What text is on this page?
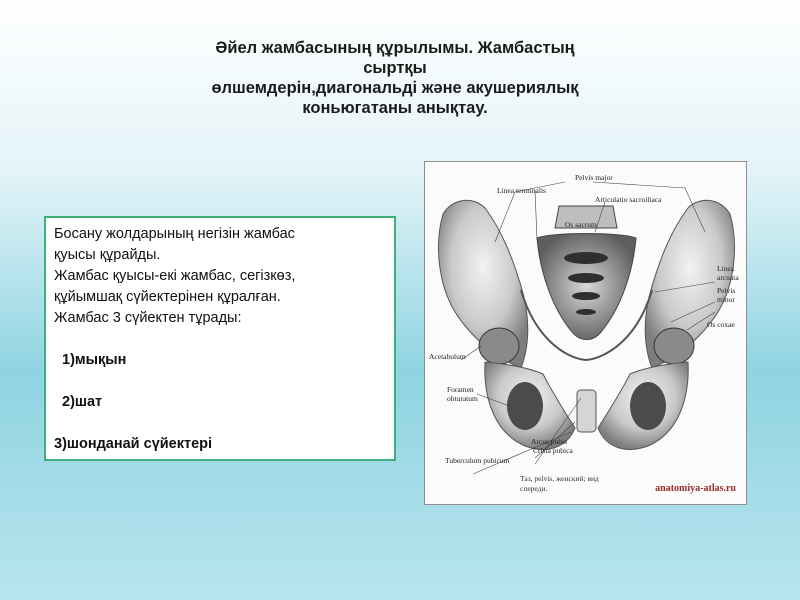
Әйел жамбасының құрылымы. Жамбастың
сыртқы
өлшемдерін,диагональді және акушериялық
коньюгатаны анықтау.
Босану жолдарының негізін жамбас
қуысы құрайды.
Жамбас қуысы-екі жамбас, сегізкөз,
құйымшақ сүйектерінен құралған.
Жамбас 3 сүйектен тұрады:
1)мықын
2)шат
3)шонданай сүйектері
Pelvis major
Linea terminalis
Articulatio sacroiliaca
Os sacrum
Linea
arcuata
Pelvis
minor
Os coxae
Acetabulum
Foramen
obturatum
Arcus pubis
Crista pubica
Tuberculum pubicum
Таз, pelvis, женский; вид
спереди.	anatomiya-atlas.ru
